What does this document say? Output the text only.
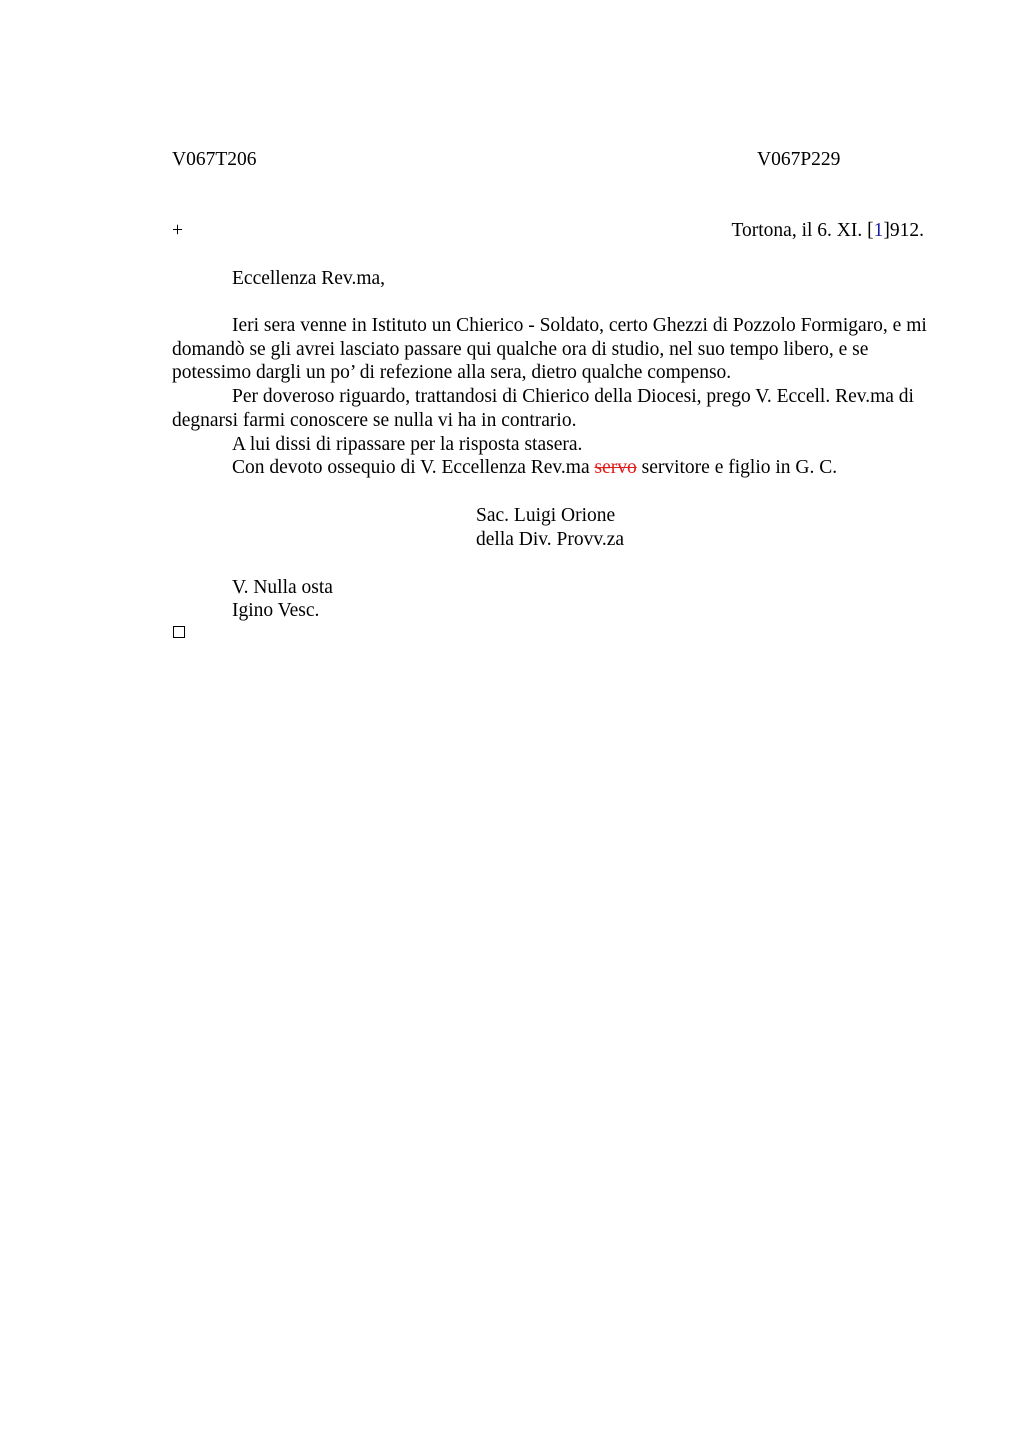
V067T206	V067P229
+	Tortona, il 6. XI. [1]912.
Eccellenza Rev.ma,

Ieri sera venne in Istituto un Chierico - Soldato, certo Ghezzi di Pozzolo Formigaro, e mi domandò se gli avrei lasciato passare qui qualche ora di studio, nel suo tempo libero, e se potessimo dargli un po’ di refezione alla sera, dietro qualche compenso.

Per doveroso riguardo, trattandosi di Chierico della Diocesi, prego V. Eccell. Rev.ma di degnarsi farmi conoscere se nulla vi ha in contrario.

A lui dissi di ripassare per la risposta stasera.

Con devoto ossequio di V. Eccellenza Rev.ma servo servitore e figlio in G. C.

Sac. Luigi Orione
della Div. Provv.za
V. Nulla osta
Igino Vesc.
